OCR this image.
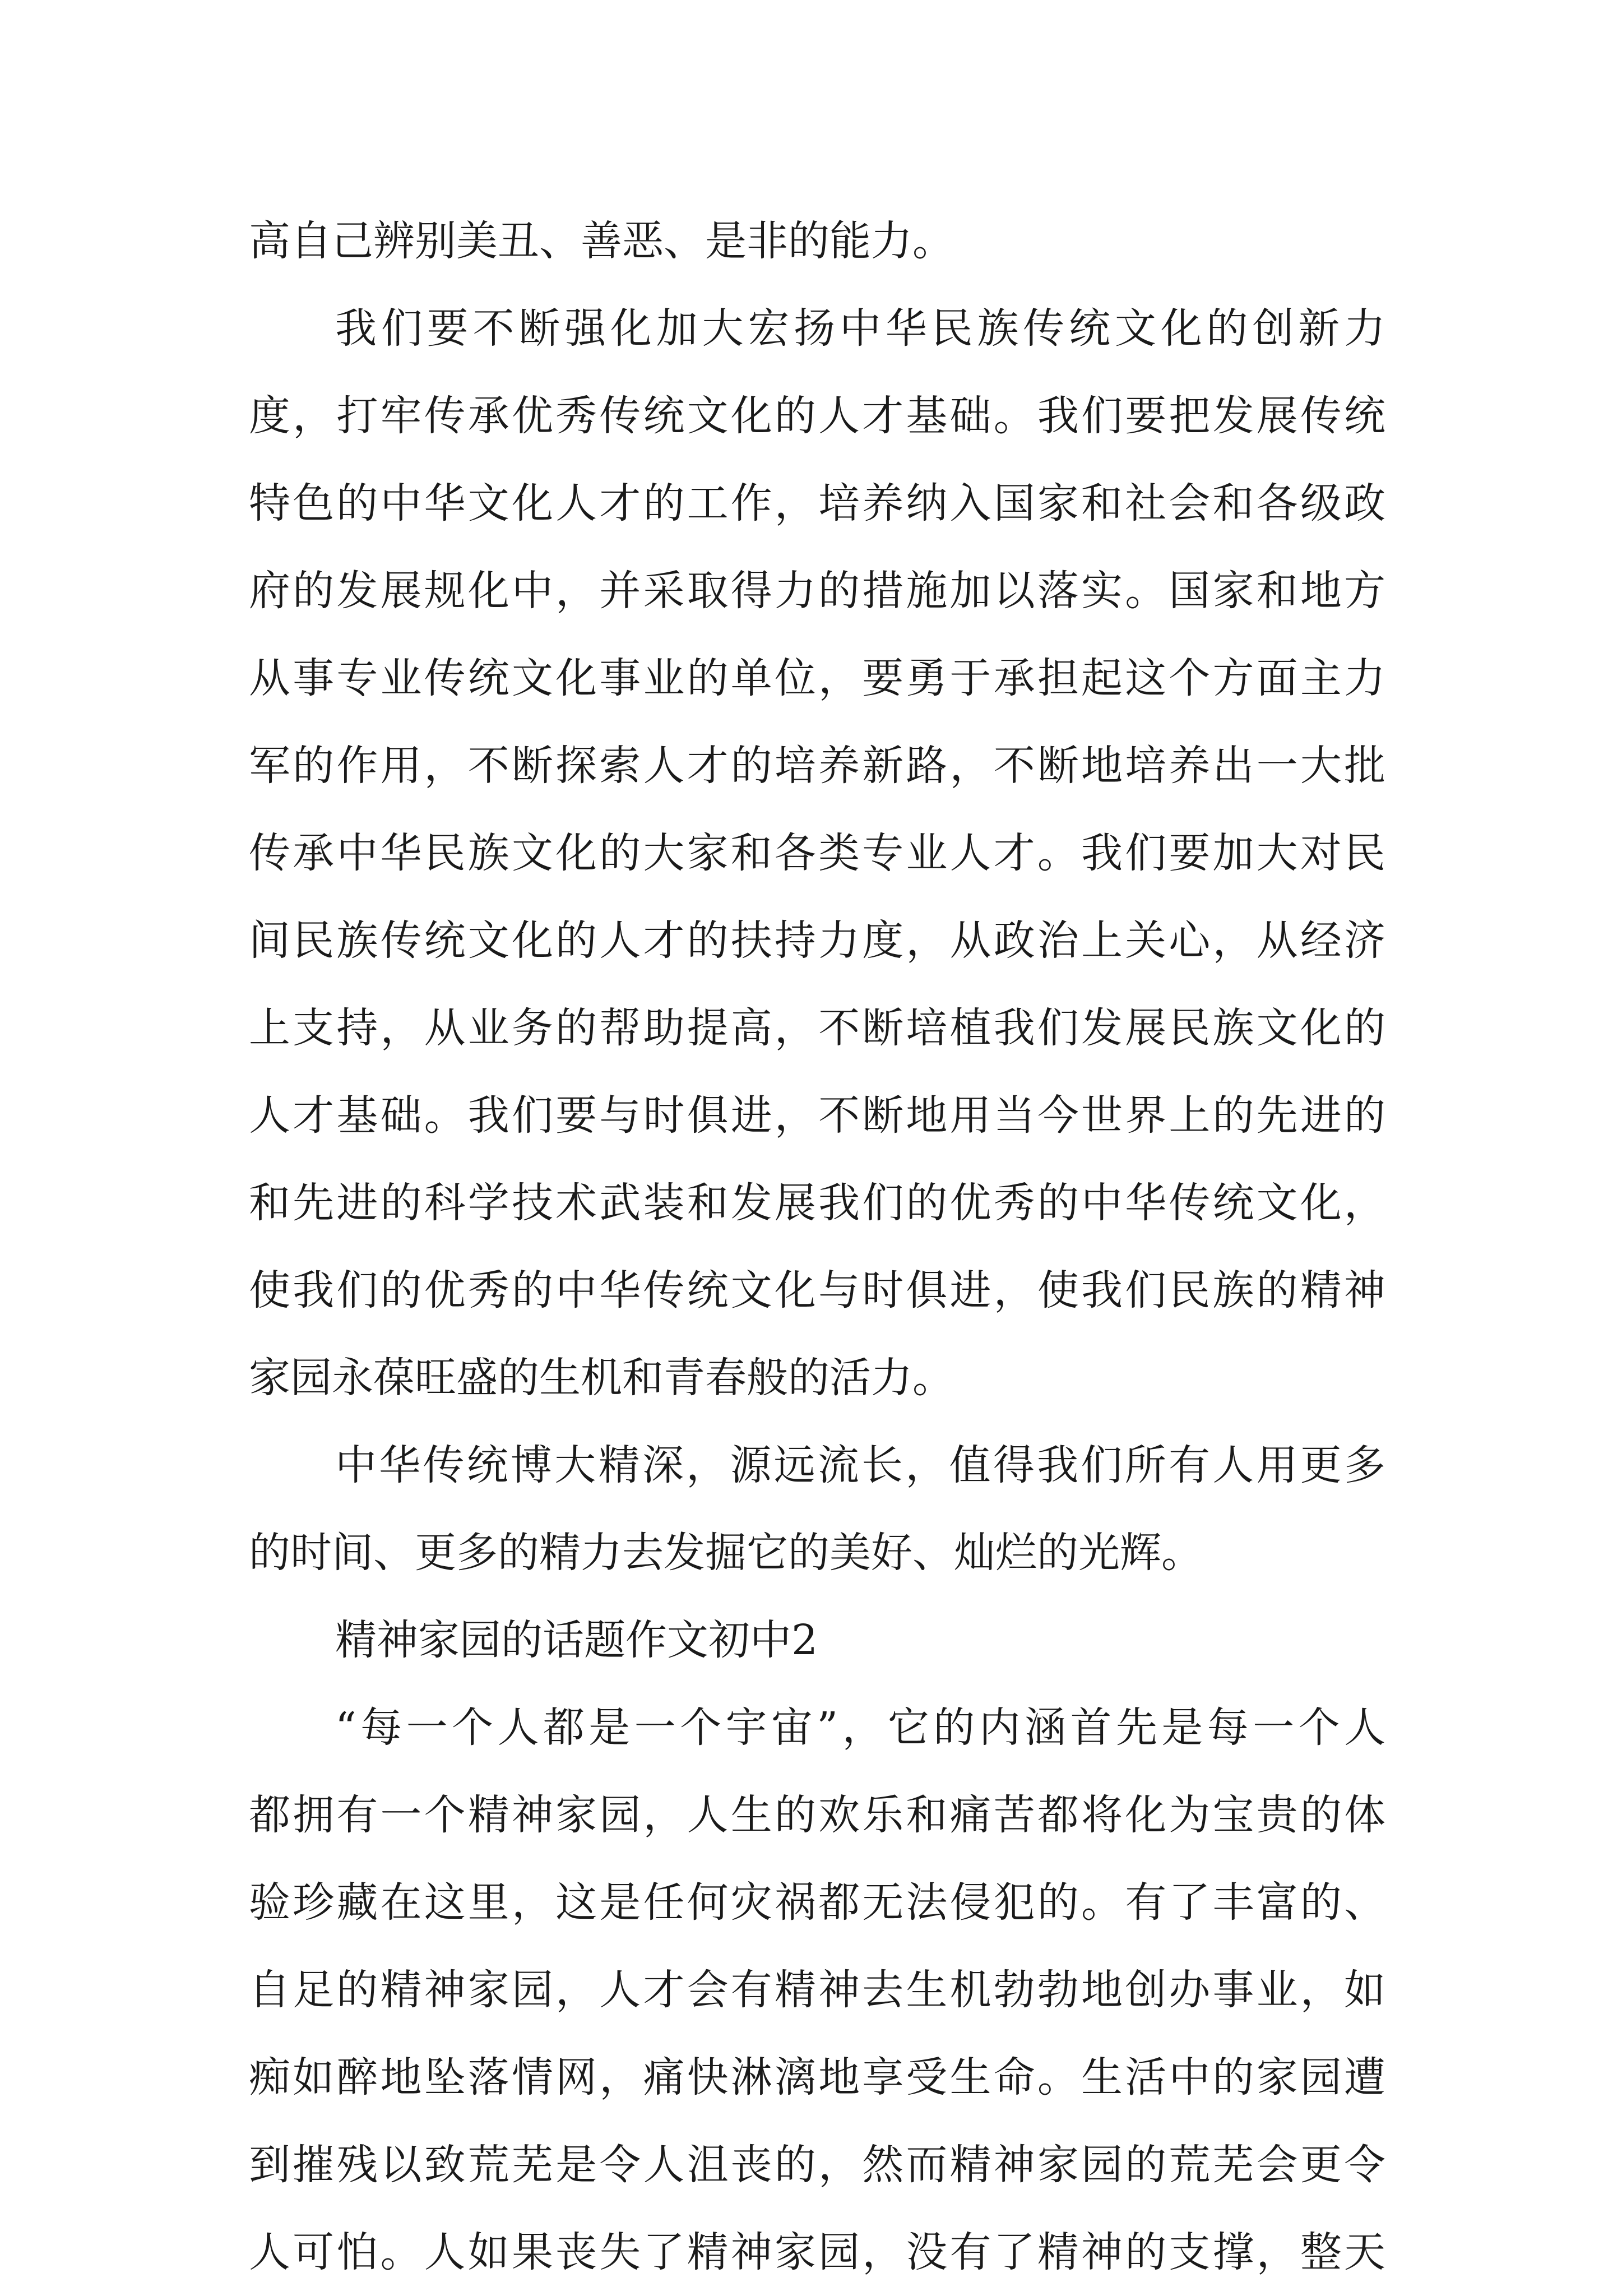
高自己辨别美丑、善恶、是非的能力。
我们要不断强化加大宏扬中华民族传统文化的创新力
度，打牢传承优秀传统文化的人才基础。我们要把发展传统
特色的中华文化人才的工作，培养纳入国家和社会和各级政
府的发展规化中，并采取得力的措施加以落实。国家和地方
从事专业传统文化事业的单位，要勇于承担起这个方面主力
军的作用，不断探索人才的培养新路，不断地培养出一大批
传承中华民族文化的大家和各类专业人才。我们要加大对民
间民族传统文化的人才的扶持力度，从政治上关心，从经济
上支持，从业务的帮助提高，不断培植我们发展民族文化的
人才基础。我们要与时俱进，不断地用当今世界上的先进的
和先进的科学技术武装和发展我们的优秀的中华传统文化，
使我们的优秀的中华传统文化与时俱进，使我们民族的精神
家园永葆旺盛的生机和青春般的活力。
中华传统博大精深，源远流长，值得我们所有人用更多
的时间、更多的精力去发掘它的美好、灿烂的光辉。
精神家园的话题作文初中2
“每一个人都是一个宇宙”，它的内涵首先是每一个人
都拥有一个精神家园，人生的欢乐和痛苦都将化为宝贵的体
验珍藏在这里，这是任何灾祸都无法侵犯的。有了丰富的、
自足的精神家园，人才会有精神去生机勃勃地创办事业，如
痴如醉地坠落情网，痛快淋漓地享受生命。生活中的家园遭
到摧残以致荒芜是令人沮丧的，然而精神家园的荒芜会更令
人可怕。人如果丧失了精神家园，没有了精神的支撑，整天
